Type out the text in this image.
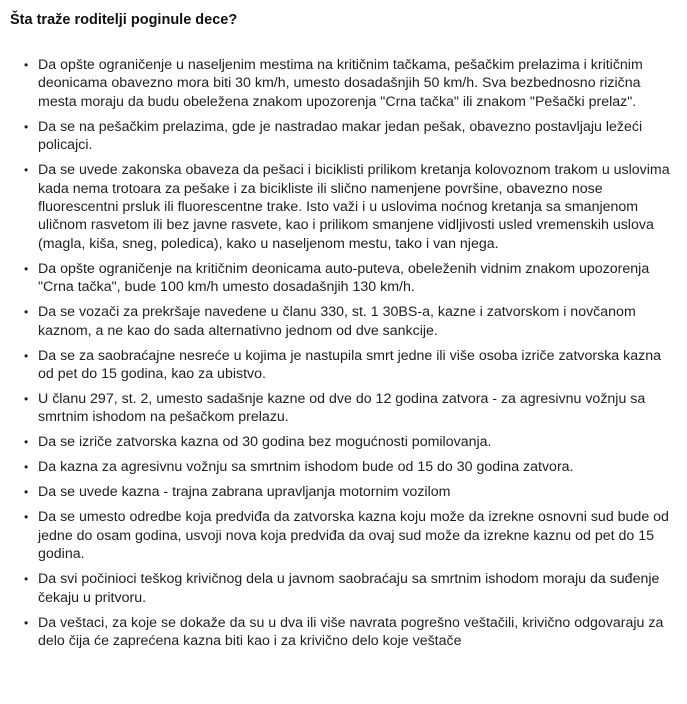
Šta traže roditelji poginule dece?
• Da opšte ograničenje u naseljenim mestima na kritičnim tačkama, pešačkim prelazima i kritičnim deonicama obavezno mora biti 30 km/h, umesto dosadašnjih 50 km/h. Sva bezbednosno rizična mesta moraju da budu obeležena znakom upozorenja "Crna tačka" ili znakom "Pešački prelaz".
• Da se na pešačkim prelazima, gde je nastradao makar jedan pešak, obavezno postavljaju ležeći policajci.
• Da se uvede zakonska obaveza da pešaci i biciklisti prilikom kretanja kolovoznom trakom u uslovima kada nema trotoara za pešake i za bicikliste ili slično namenjene površine, obavezno nose fluorescentni prsluk ili fluorescentne trake. Isto važi i u uslovima noćnog kretanja sa smanjenom uličnom rasvetom ili bez javne rasvete, kao i prilikom smanjene vidljivosti usled vremenskih uslova (magla, kiša, sneg, poledica), kako u naseljenom mestu, tako i van njega.
• Da opšte ograničenje na kritičnim deonicama auto-puteva, obeleženih vidnim znakom upozorenja "Crna tačka", bude 100 km/h umesto dosadašnjih 130 km/h.
• Da se vozači za prekršaje navedene u članu 330, st. 1 30BS-a, kazne i zatvorskom i novčanom kaznom, a ne kao do sada alternativno jednom od dve sankcije.
• Da se za saobraćajne nesreće u kojima je nastupila smrt jedne ili više osoba izriče zatvorska kazna od pet do 15 godina, kao za ubistvo.
• U članu 297, st. 2, umesto sadašnje kazne od dve do 12 godina zatvora - za agresivnu vožnju sa smrtnim ishodom na pešačkom prelazu.
• Da se izriče zatvorska kazna od 30 godina bez mogućnosti pomilovanja.
• Da kazna za agresivnu vožnju sa smrtnim ishodom bude od 15 do 30 godina zatvora.
• Da se uvede kazna - trajna zabrana upravljanja motornim vozilom
• Da se umesto odredbe koja predviđa da zatvorska kazna koju može da izrekne osnovni sud bude od jedne do osam godina, usvoji nova koja predviđa da ovaj sud može da izrekne kaznu od pet do 15 godina.
• Da svi počinioci teškog krivičnog dela u javnom saobraćaju sa smrtnim ishodom moraju da suđenje čekaju u pritvoru.
• Da veštaci, za koje se dokaže da su u dva ili više navrata pogrešno veštačili, krivično odgovaraju za delo čija će zaprećena kazna biti kao i za krivično delo koje veštače
